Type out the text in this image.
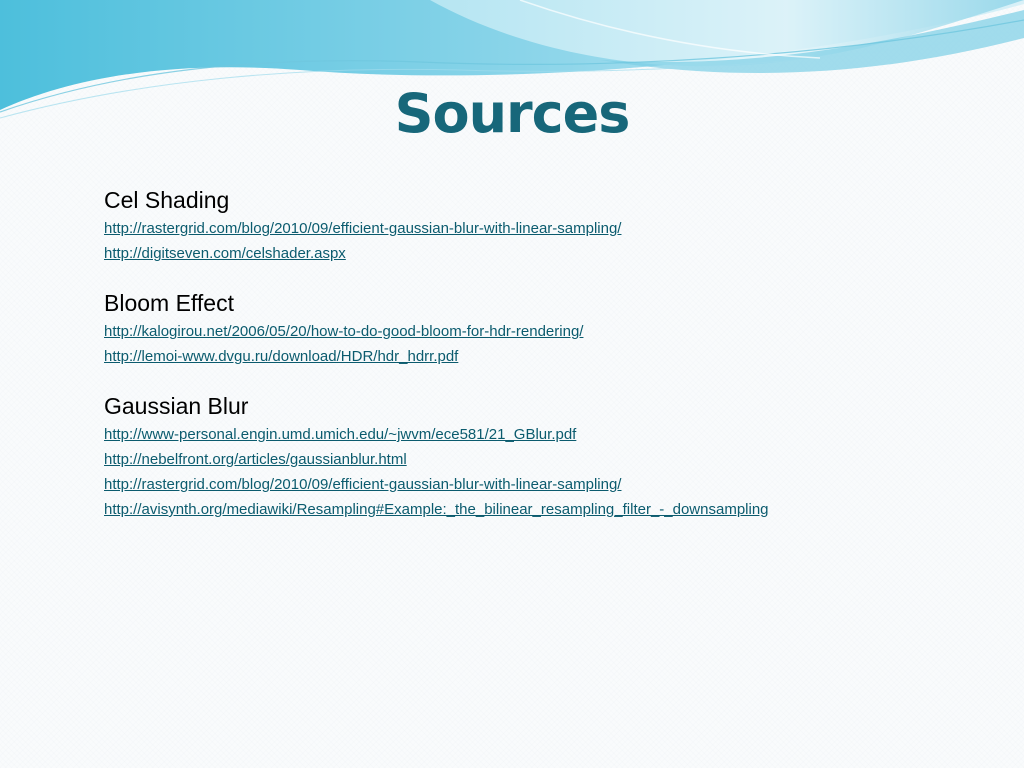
Sources
Cel Shading
http://rastergrid.com/blog/2010/09/efficient-gaussian-blur-with-linear-sampling/
http://digitseven.com/celshader.aspx
Bloom Effect
http://kalogirou.net/2006/05/20/how-to-do-good-bloom-for-hdr-rendering/
http://lemoi-www.dvgu.ru/download/HDR/hdr_hdrr.pdf
Gaussian Blur
http://www-personal.engin.umd.umich.edu/~jwvm/ece581/21_GBlur.pdf
http://nebelfront.org/articles/gaussianblur.html
http://rastergrid.com/blog/2010/09/efficient-gaussian-blur-with-linear-sampling/
http://avisynth.org/mediawiki/Resampling#Example:_the_bilinear_resampling_filter_-_downsampling
